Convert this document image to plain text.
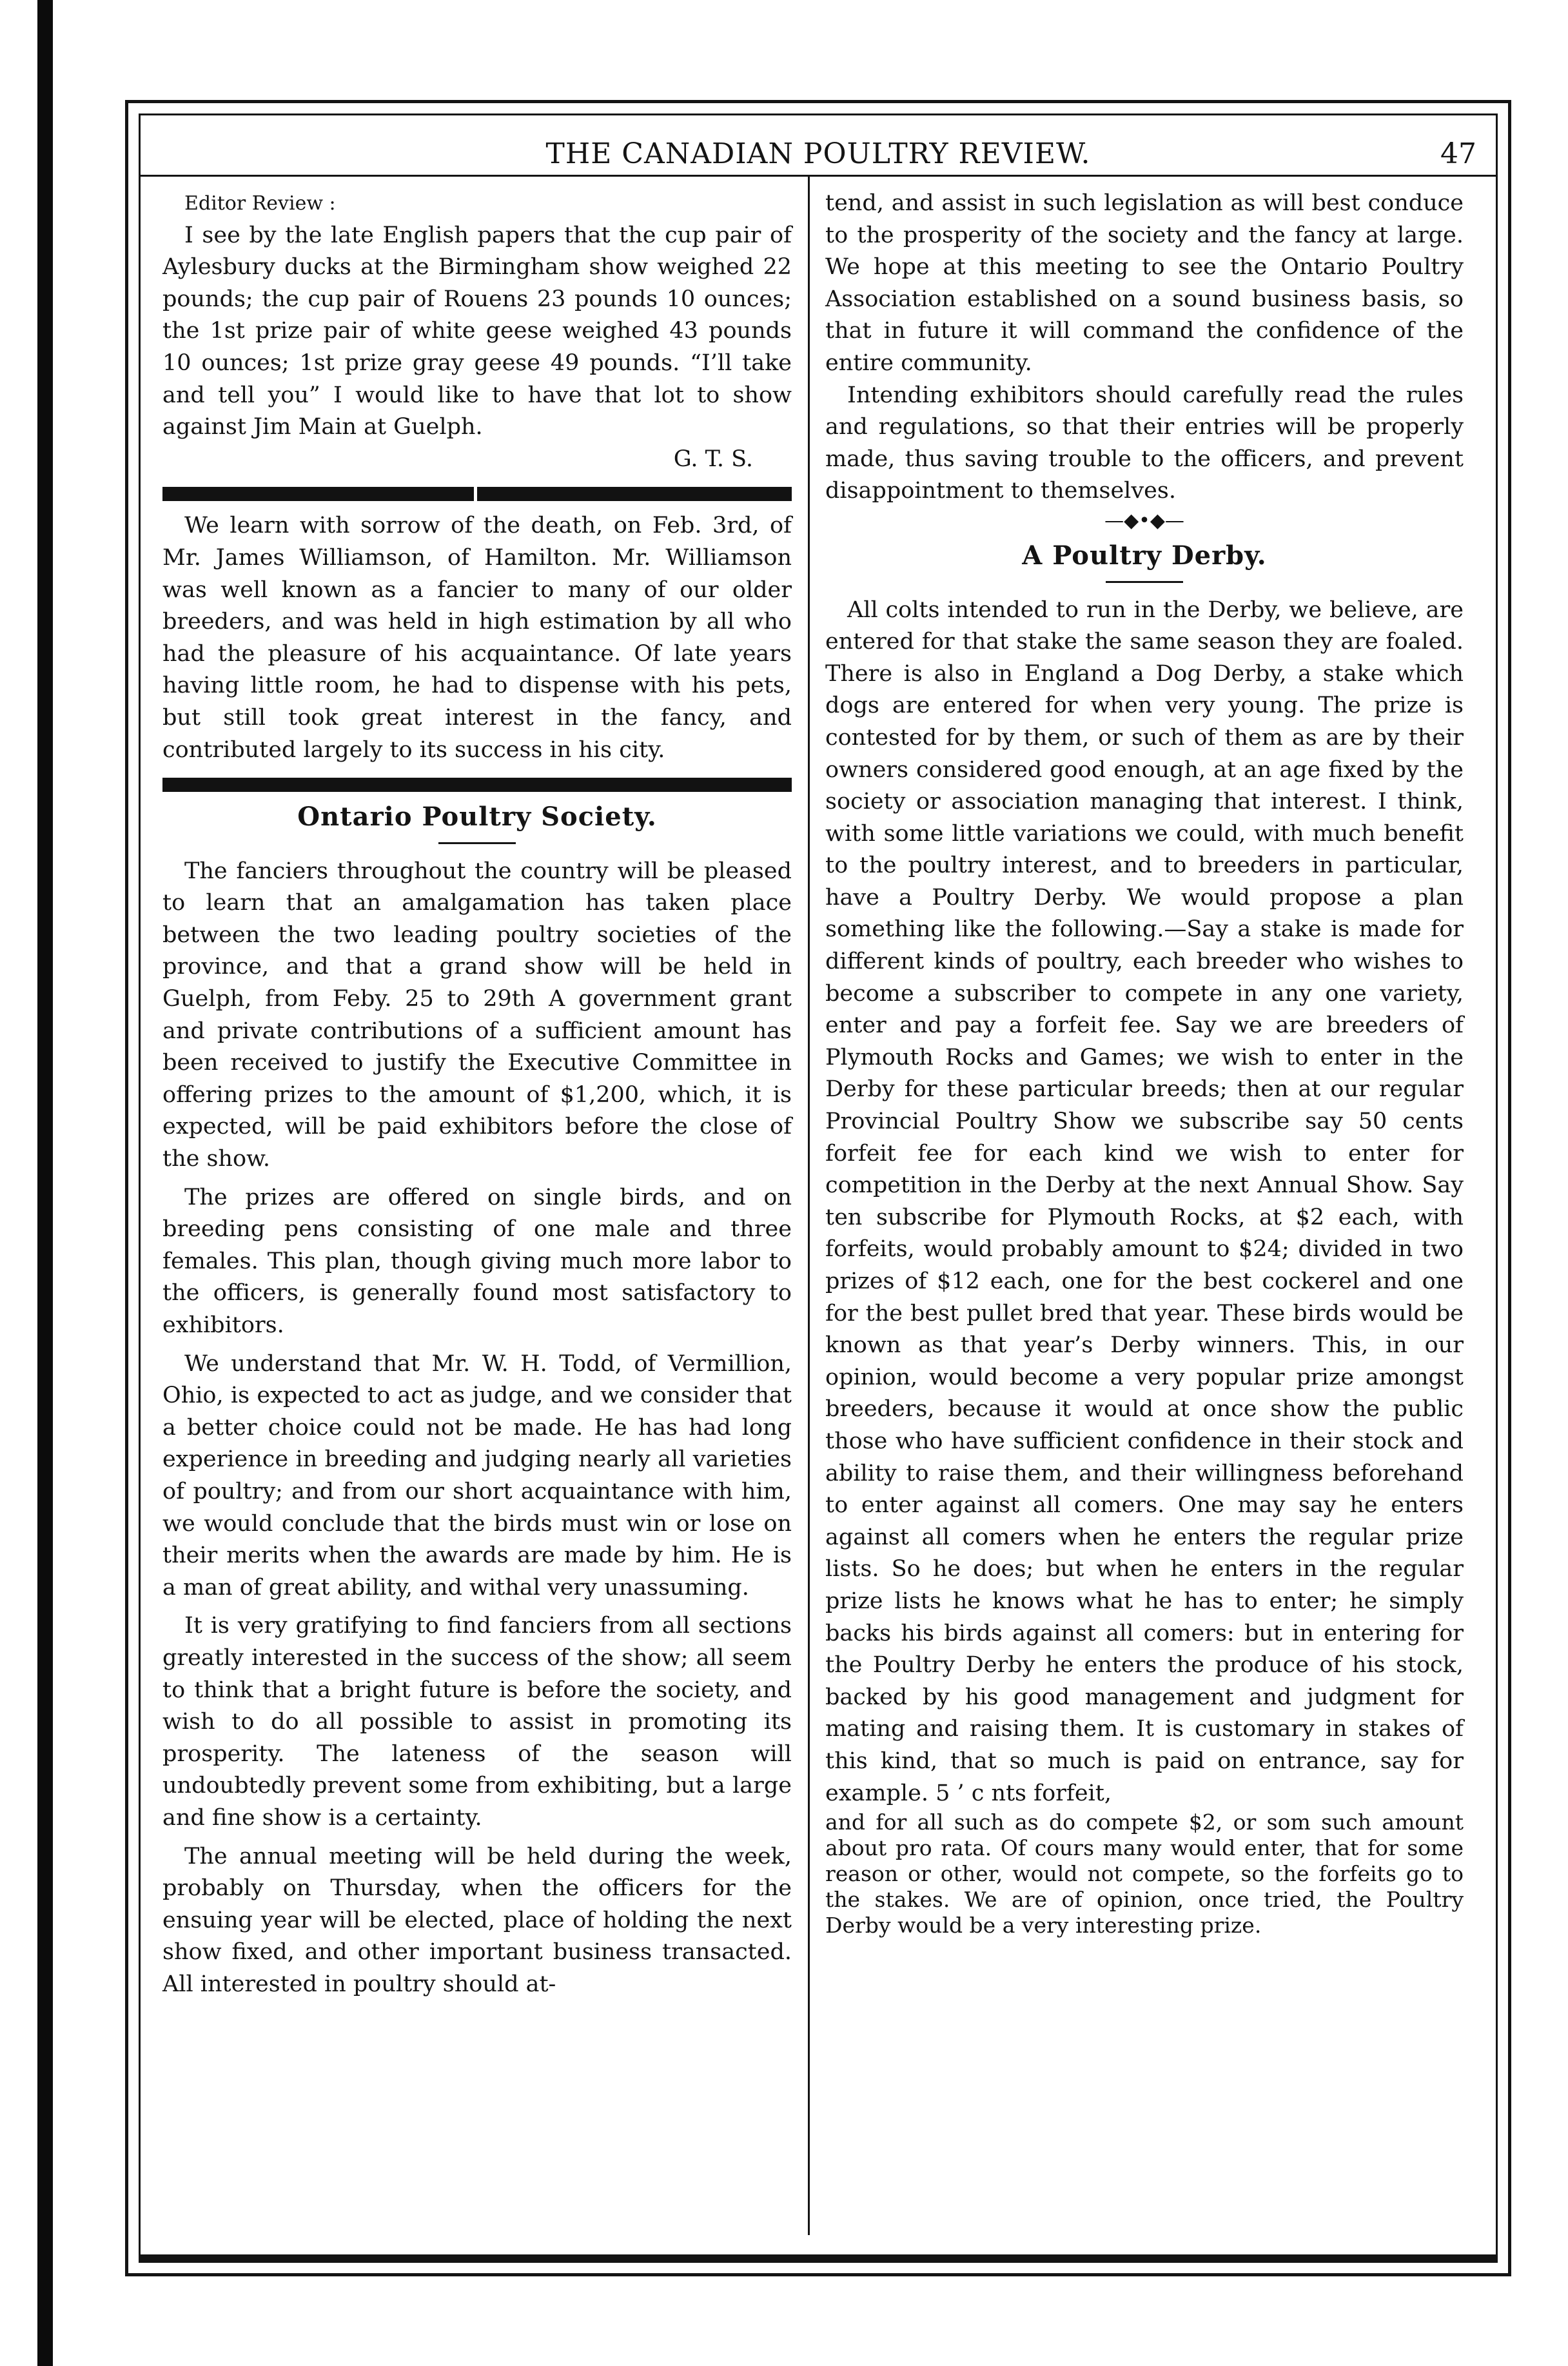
THE CANADIAN POULTRY REVIEW.	47
Editor Review :

I see by the late English papers that the cup pair of Aylesbury ducks at the Birmingham show weighed 22 pounds; the cup pair of Rouens 23 pounds 10 ounces; the 1st prize pair of white geese weighed 43 pounds 10 ounces; 1st prize gray geese 49 pounds. “I’ll take and tell you” I would like to have that lot to show against Jim Main at Guelph.

G. T. S.

We learn with sorrow of the death, on Feb. 3rd, of Mr. James Williamson, of Hamilton. Mr. Williamson was well known as a fancier to many of our older breeders, and was held in high estimation by all who had the pleasure of his acquaintance. Of late years having little room, he had to dispense with his pets, but still took great interest in the fancy, and contributed largely to its success in his city.

Ontario Poultry Society.

The fanciers throughout the country will be pleased to learn that an amalgamation has taken place between the two leading poultry societies of the province, and that a grand show will be held in Guelph, from Feby. 25 to 29th A government grant and private contributions of a sufficient amount has been received to justify the Executive Committee in offering prizes to the amount of $1,200, which, it is expected, will be paid exhibitors before the close of the show.

The prizes are offered on single birds, and on breeding pens consisting of one male and three females. This plan, though giving much more labor to the officers, is generally found most satisfactory to exhibitors.

We understand that Mr. W. H. Todd, of Vermillion, Ohio, is expected to act as judge, and we consider that a better choice could not be made. He has had long experience in breeding and judging nearly all varieties of poultry; and from our short acquaintance with him, we would conclude that the birds must win or lose on their merits when the awards are made by him. He is a man of great ability, and withal very unassuming.

It is very gratifying to find fanciers from all sections greatly interested in the success of the show; all seem to think that a bright future is before the society, and wish to do all possible to assist in promoting its prosperity. The lateness of the season will undoubtedly prevent some from exhibiting, but a large and fine show is a certainty.

The annual meeting will be held during the week, probably on Thursday, when the officers for the ensuing year will be elected, place of holding the next show fixed, and other important business transacted. All interested in poultry should at-

tend, and assist in such legislation as will best conduce to the prosperity of the society and the fancy at large. We hope at this meeting to see the Ontario Poultry Association established on a sound business basis, so that in future it will command the confidence of the entire community.

Intending exhibitors should carefully read the rules and regulations, so that their entries will be properly made, thus saving trouble to the officers, and prevent disappointment to themselves.

—◆•◆—
A Poultry Derby.

All colts intended to run in the Derby, we believe, are entered for that stake the same season they are foaled. There is also in England a Dog Derby, a stake which dogs are entered for when very young. The prize is contested for by them, or such of them as are by their owners considered good enough, at an age fixed by the society or association managing that interest. I think, with some little variations we could, with much benefit to the poultry interest, and to breeders in particular, have a Poultry Derby. We would propose a plan something like the following.—Say a stake is made for different kinds of poultry, each breeder who wishes to become a subscriber to compete in any one variety, enter and pay a forfeit fee. Say we are breeders of Plymouth Rocks and Games; we wish to enter in the Derby for these particular breeds; then at our regular Provincial Poultry Show we subscribe say 50 cents forfeit fee for each kind we wish to enter for competition in the Derby at the next Annual Show. Say ten subscribe for Plymouth Rocks, at $2 each, with forfeits, would probably amount to $24; divided in two prizes of $12 each, one for the best cockerel and one for the best pullet bred that year. These birds would be known as that year’s Derby winners. This, in our opinion, would become a very popular prize amongst breeders, because it would at once show the public those who have sufficient confidence in their stock and ability to raise them, and their willingness beforehand to enter against all comers. One may say he enters against all comers when he enters the regular prize lists. So he does; but when he enters in the regular prize lists he knows what he has to enter; he simply backs his birds against all comers: but in entering for the Poultry Derby he enters the produce of his stock, backed by his good management and judgment for mating and raising them. It is customary in stakes of this kind, that so much is paid on entrance, say for example. 5 ’ c nts forfeit,

and for all such as do compete $2, or som such amount about pro rata. Of cours many would enter, that for some reason or other, would not compete, so the forfeits go to the stakes. We are of opinion, once tried, the Poultry Derby would be a very interesting prize.
